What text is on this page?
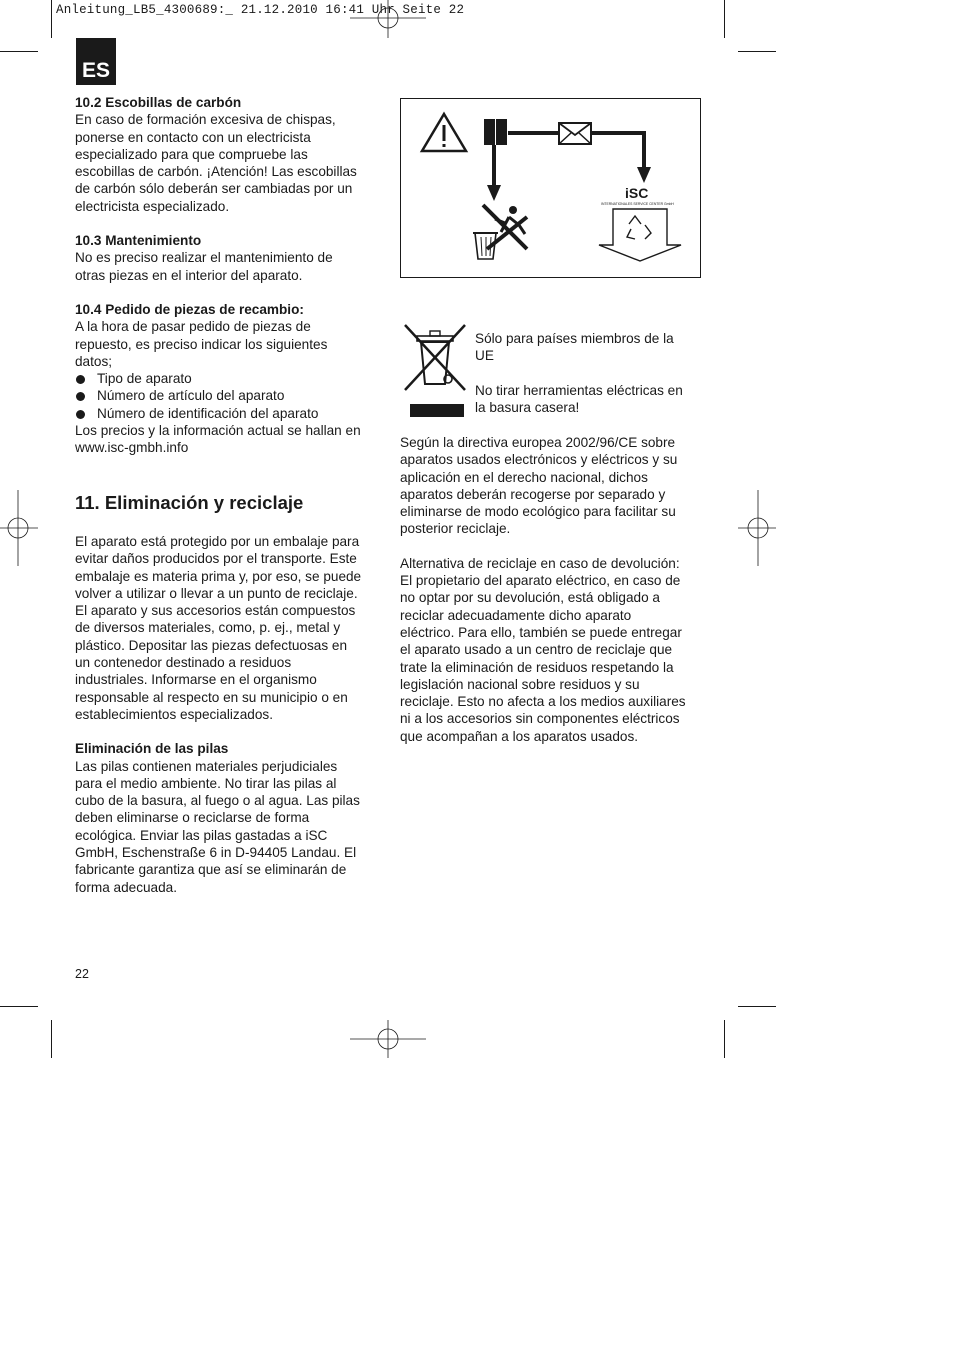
Anleitung_LB5_4300689:_ 21.12.2010 16:41 Uhr Seite 22
ES

10.2 Escobillas de carbón

En caso de formación excesiva de chispas,

ponerse en contacto con un electricista

especializado para que compruebe las

escobillas de carbón. ¡Atención! Las escobillas

de carbón sólo deberán ser cambiadas por un

electricista especializado.

10.3 Mantenimiento

No es preciso realizar el mantenimiento de

otras piezas en el interior del aparato.

10.4 Pedido de piezas de recambio:

A la hora de pasar pedido de piezas de

repuesto, es preciso indicar los siguientes

datos;

Tipo de aparato
Número de artículo del aparato
Número de identificación del aparato

Los precios y la información actual se hallan en

www.isc-gmbh.info

11. Eliminación y reciclaje

El aparato está protegido por un embalaje para

evitar daños producidos por el transporte. Este

embalaje es materia prima y, por eso, se puede

volver a utilizar o llevar a un punto de reciclaje.

El aparato y sus accesorios están compuestos

de diversos materiales, como, p. ej., metal y

plástico. Depositar las piezas defectuosas en

un contenedor destinado a residuos

industriales. Informarse en el organismo

responsable al respecto en su municipio o en

establecimientos especializados.

Eliminación de las pilas

Las pilas contienen materiales perjudiciales

para el medio ambiente. No tirar las pilas al

cubo de la basura, al fuego o al agua. Las pilas

deben eliminarse o reciclarse de forma

ecológica. Enviar las pilas gastadas a iSC

GmbH, Eschenstraße 6 in D-94405 Landau. El

fabricante garantiza que así se eliminarán de

forma adecuada.

iSC
INTERNATIONALES SERVICE CENTER GmbH

Sólo para países miembros de la

UE

No tirar herramientas eléctricas en

la basura casera!

Según la directiva europea 2002/96/CE sobre

aparatos usados electrónicos y eléctricos y su

aplicación en el derecho nacional, dichos

aparatos deberán recogerse por separado y

eliminarse de modo ecológico para facilitar su

posterior reciclaje.

Alternativa de reciclaje en caso de devolución:

El propietario del aparato eléctrico, en caso de

no optar por su devolución, está obligado a

reciclar adecuadamente dicho aparato

eléctrico. Para ello, también se puede entregar

el aparato usado a un centro de reciclaje que

trate la eliminación de residuos respetando la

legislación nacional sobre residuos y su

reciclaje. Esto no afecta a los medios auxiliares

ni a los accesorios sin componentes eléctricos

que acompañan a los aparatos usados.

22
